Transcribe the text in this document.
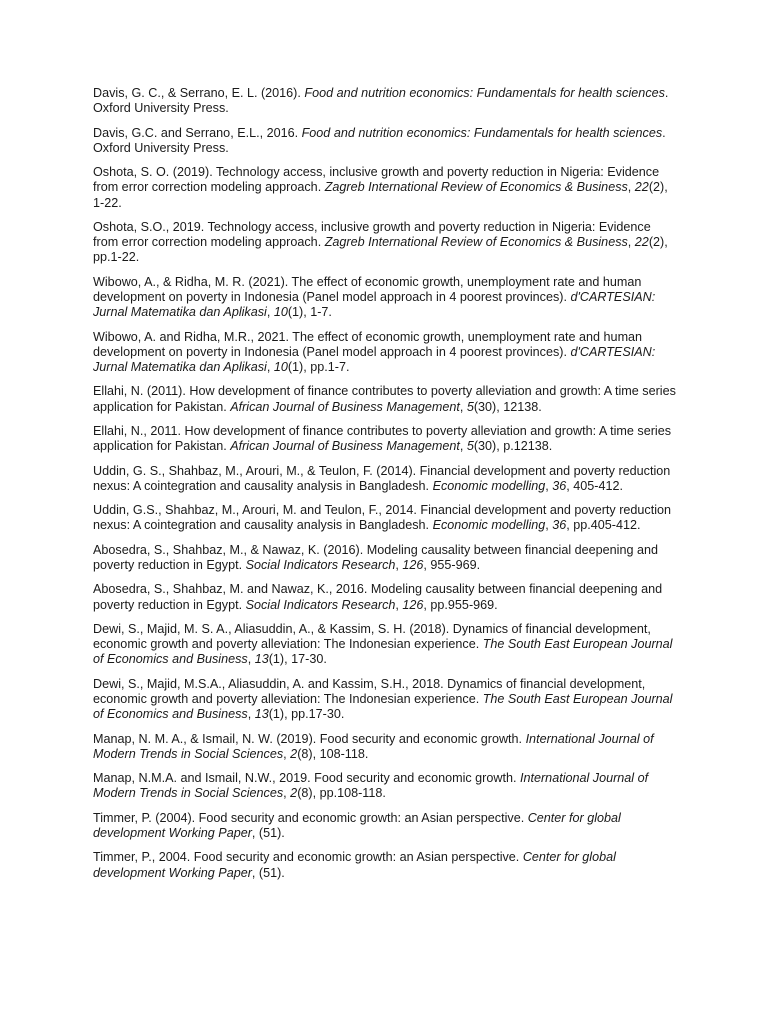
Davis, G. C., & Serrano, E. L. (2016). Food and nutrition economics: Fundamentals for health sciences. Oxford University Press.

Davis, G.C. and Serrano, E.L., 2016. Food and nutrition economics: Fundamentals for health sciences. Oxford University Press.

Oshota, S. O. (2019). Technology access, inclusive growth and poverty reduction in Nigeria: Evidence from error correction modeling approach. Zagreb International Review of Economics & Business, 22(2), 1-22.

Oshota, S.O., 2019. Technology access, inclusive growth and poverty reduction in Nigeria: Evidence from error correction modeling approach. Zagreb International Review of Economics & Business, 22(2), pp.1-22.

Wibowo, A., & Ridha, M. R. (2021). The effect of economic growth, unemployment rate and human development on poverty in Indonesia (Panel model approach in 4 poorest provinces). d'CARTESIAN: Jurnal Matematika dan Aplikasi, 10(1), 1-7.

Wibowo, A. and Ridha, M.R., 2021. The effect of economic growth, unemployment rate and human development on poverty in Indonesia (Panel model approach in 4 poorest provinces). d'CARTESIAN: Jurnal Matematika dan Aplikasi, 10(1), pp.1-7.

Ellahi, N. (2011). How development of finance contributes to poverty alleviation and growth: A time series application for Pakistan. African Journal of Business Management, 5(30), 12138.

Ellahi, N., 2011. How development of finance contributes to poverty alleviation and growth: A time series application for Pakistan. African Journal of Business Management, 5(30), p.12138.

Uddin, G. S., Shahbaz, M., Arouri, M., & Teulon, F. (2014). Financial development and poverty reduction nexus: A cointegration and causality analysis in Bangladesh. Economic modelling, 36, 405-412.

Uddin, G.S., Shahbaz, M., Arouri, M. and Teulon, F., 2014. Financial development and poverty reduction nexus: A cointegration and causality analysis in Bangladesh. Economic modelling, 36, pp.405-412.

Abosedra, S., Shahbaz, M., & Nawaz, K. (2016). Modeling causality between financial deepening and poverty reduction in Egypt. Social Indicators Research, 126, 955-969.

Abosedra, S., Shahbaz, M. and Nawaz, K., 2016. Modeling causality between financial deepening and poverty reduction in Egypt. Social Indicators Research, 126, pp.955-969.

Dewi, S., Majid, M. S. A., Aliasuddin, A., & Kassim, S. H. (2018). Dynamics of financial development, economic growth and poverty alleviation: The Indonesian experience. The South East European Journal of Economics and Business, 13(1), 17-30.

Dewi, S., Majid, M.S.A., Aliasuddin, A. and Kassim, S.H., 2018. Dynamics of financial development, economic growth and poverty alleviation: The Indonesian experience. The South East European Journal of Economics and Business, 13(1), pp.17-30.

Manap, N. M. A., & Ismail, N. W. (2019). Food security and economic growth. International Journal of Modern Trends in Social Sciences, 2(8), 108-118.

Manap, N.M.A. and Ismail, N.W., 2019. Food security and economic growth. International Journal of Modern Trends in Social Sciences, 2(8), pp.108-118.

Timmer, P. (2004). Food security and economic growth: an Asian perspective. Center for global development Working Paper, (51).

Timmer, P., 2004. Food security and economic growth: an Asian perspective. Center for global development Working Paper, (51).
